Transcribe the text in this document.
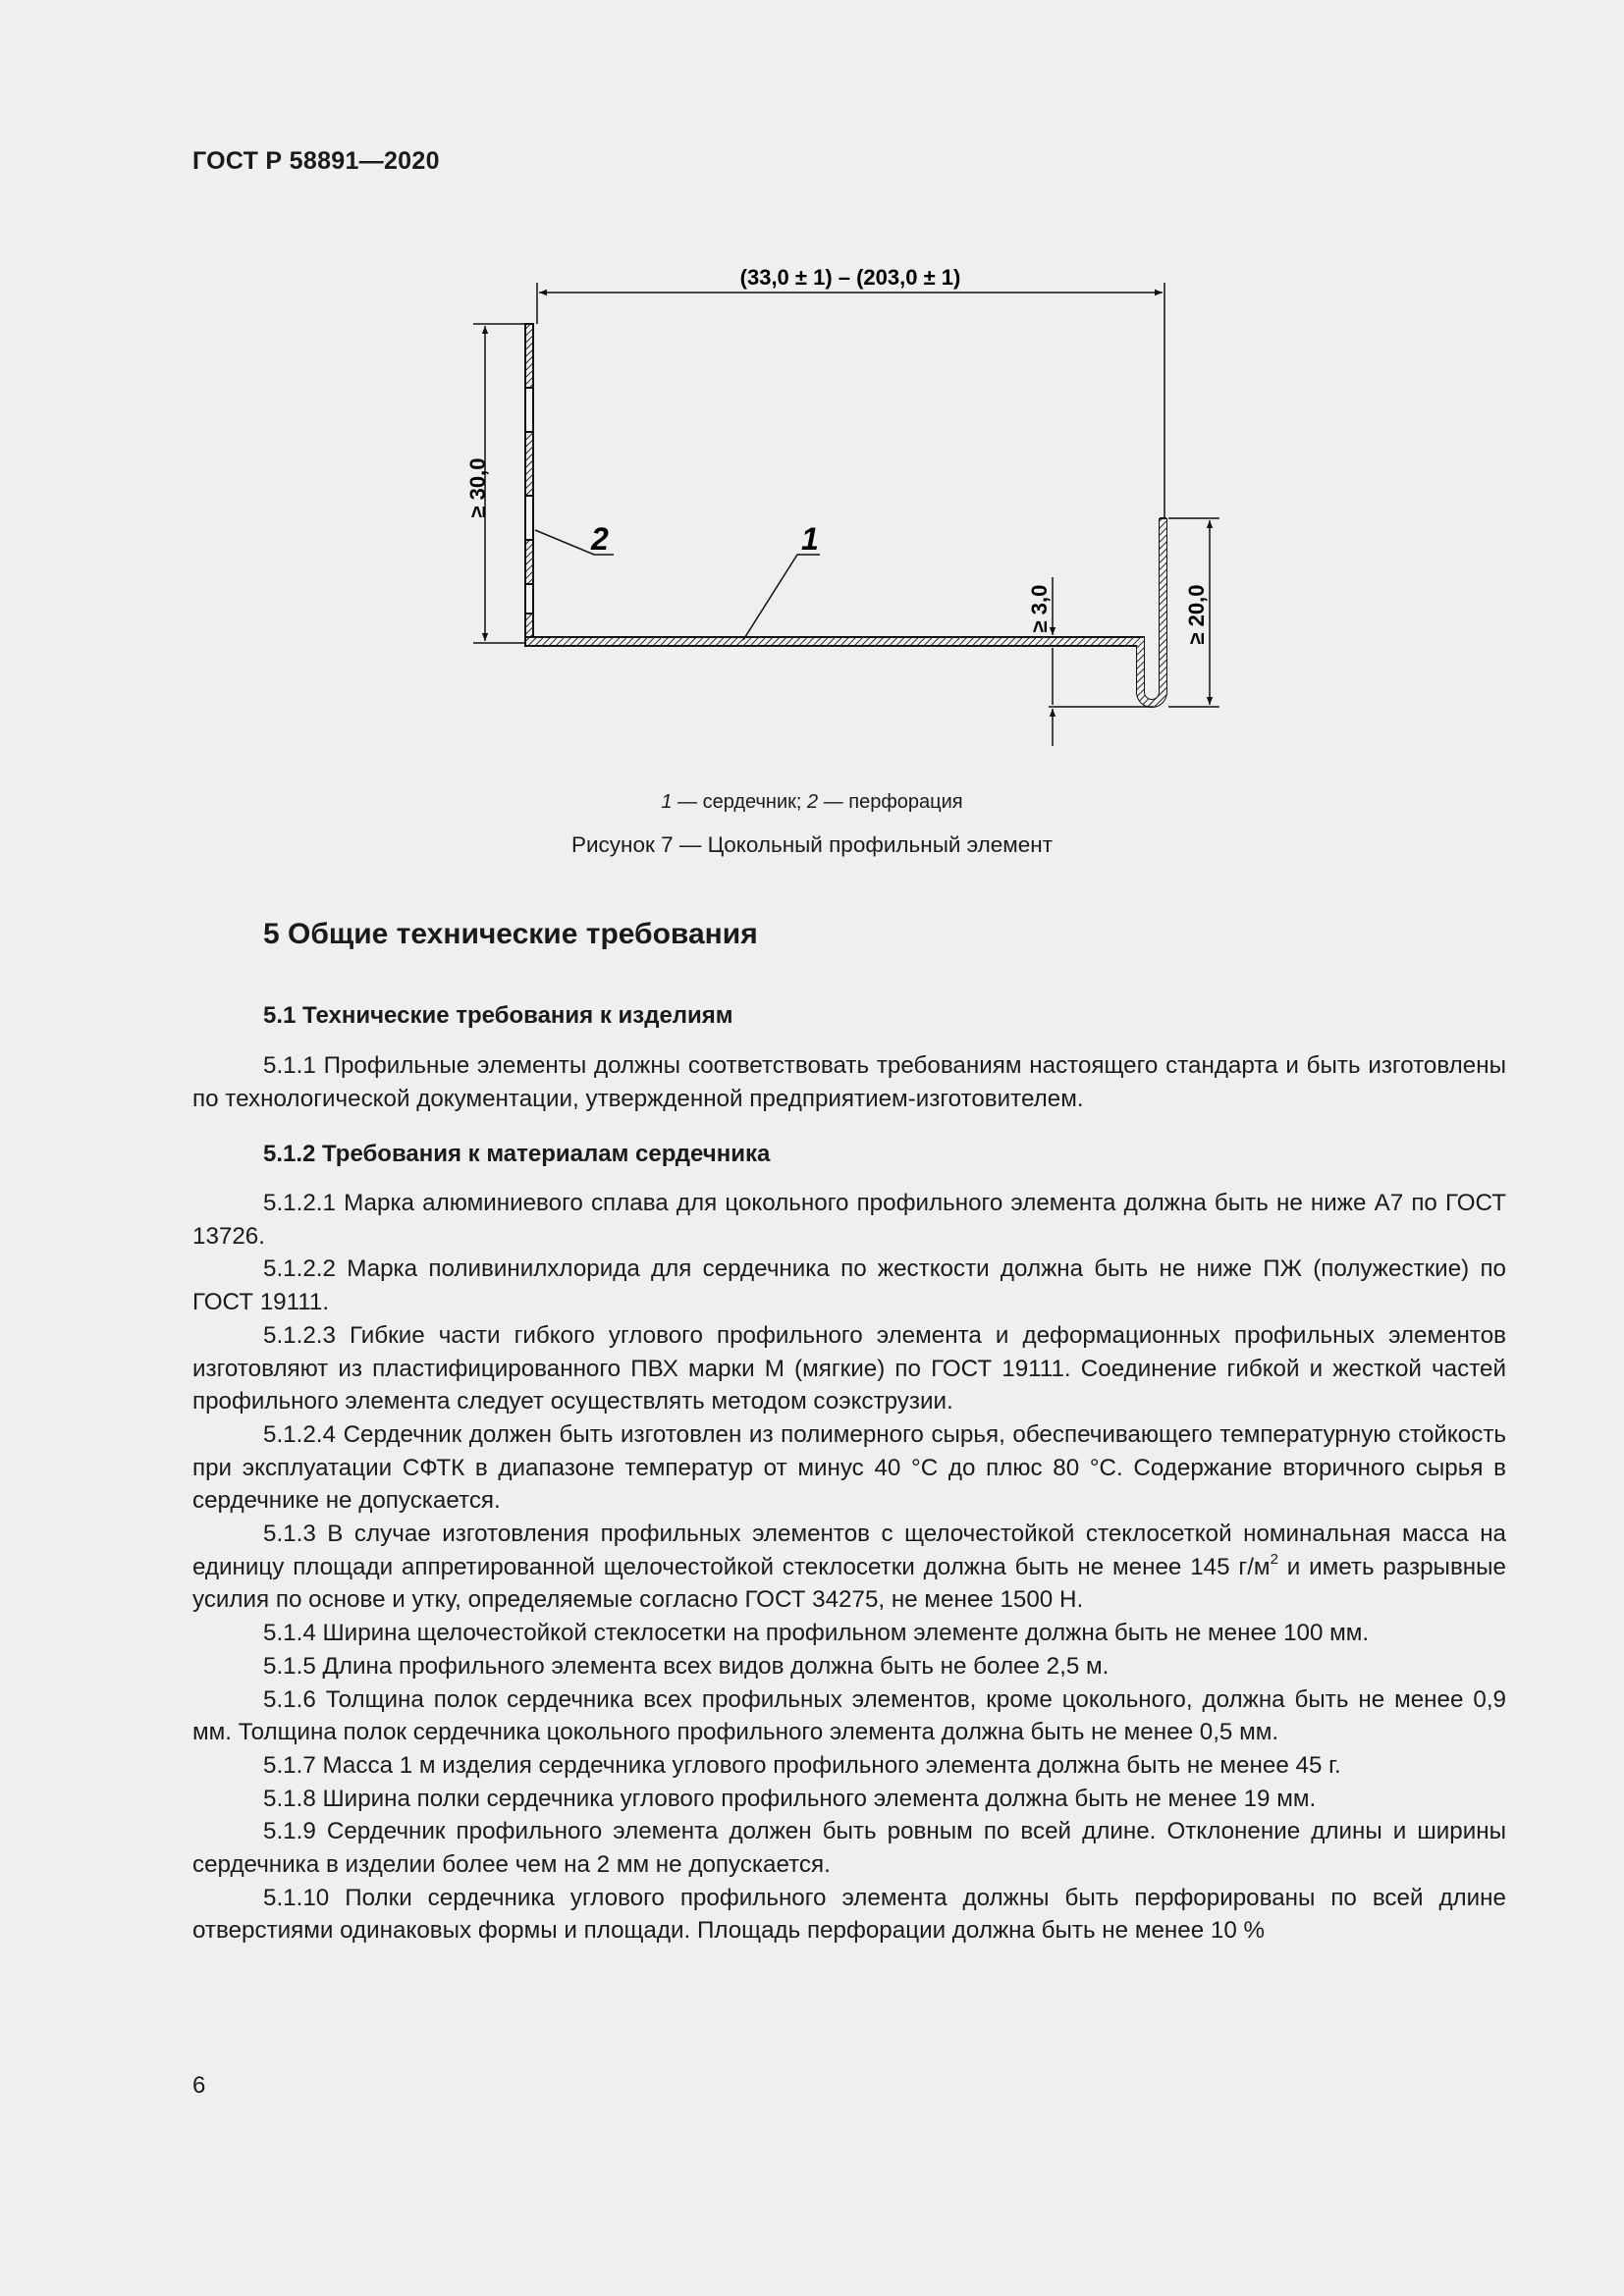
ГОСТ Р 58891—2020
(33,0 ± 1) – (203,0 ± 1)
≥ 30,0
≥ 20,0
≥ 3,0
2	1
1 — сердечник; 2 — перфорация
Рисунок 7 — Цокольный профильный элемент
5 Общие технические требования
5.1 Технические требования к изделиям

5.1.1 Профильные элементы должны соответствовать требованиям настоящего стандарта и быть изготовлены по технологической документации, утвержденной предприятием-изготовителем.

5.1.2 Требования к материалам сердечника

5.1.2.1 Марка алюминиевого сплава для цокольного профильного элемента должна быть не ниже А7 по ГОСТ 13726.

5.1.2.2 Марка поливинилхлорида для сердечника по жесткости должна быть не ниже ПЖ (полужесткие) по ГОСТ 19111.

5.1.2.3 Гибкие части гибкого углового профильного элемента и деформационных профильных элементов изготовляют из пластифицированного ПВХ марки М (мягкие) по ГОСТ 19111. Соединение гибкой и жесткой частей профильного элемента следует осуществлять методом соэкструзии.

5.1.2.4 Сердечник должен быть изготовлен из полимерного сырья, обеспечивающего температурную стойкость при эксплуатации СФТК в диапазоне температур от минус 40 °С до плюс 80 °С. Содержание вторичного сырья в сердечнике не допускается.

5.1.3 В случае изготовления профильных элементов с щелочестойкой стеклосеткой номинальная масса на единицу площади аппретированной щелочестойкой стеклосетки должна быть не менее 145 $г/м^2$ и иметь разрывные усилия по основе и утку, определяемые согласно ГОСТ 34275, не менее 1500 Н.

5.1.4 Ширина щелочестойкой стеклосетки на профильном элементе должна быть не менее 100 мм.

5.1.5 Длина профильного элемента всех видов должна быть не более 2,5 м.

5.1.6 Толщина полок сердечника всех профильных элементов, кроме цокольного, должна быть не менее 0,9 мм. Толщина полок сердечника цокольного профильного элемента должна быть не менее 0,5 мм.

5.1.7 Масса 1 м изделия сердечника углового профильного элемента должна быть не менее 45 г.

5.1.8 Ширина полки сердечника углового профильного элемента должна быть не менее 19 мм.

5.1.9 Сердечник профильного элемента должен быть ровным по всей длине. Отклонение длины и ширины сердечника в изделии более чем на 2 мм не допускается.

5.1.10 Полки сердечника углового профильного элемента должны быть перфорированы по всей длине отверстиями одинаковых формы и площади. Площадь перфорации должна быть не менее 10 %

6
